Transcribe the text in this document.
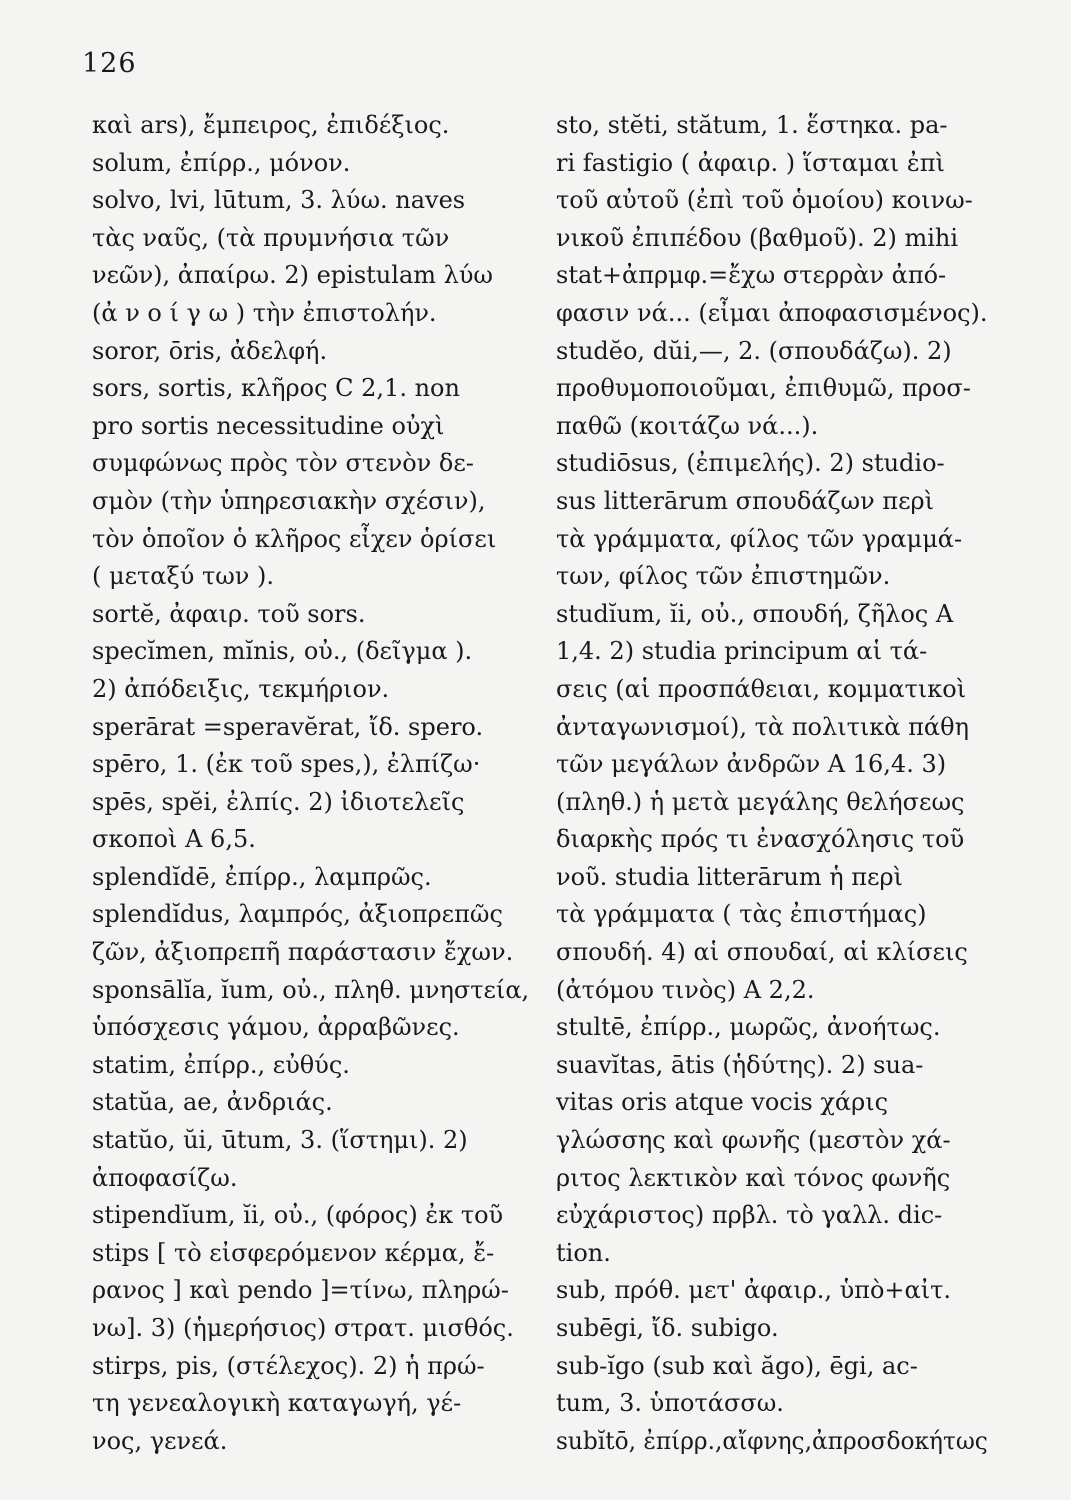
126
καὶ ars), ἔμπειρος, ἐπιδέξιος.
solum, ἐπίρρ., μόνον.
solvo, lvi, lūtum, 3. λύω. naves
τὰς ναῦς, (τὰ πρυμνήσια τῶν
νεῶν), ἀπαίρω. 2) epistulam λύω
(ἀ ν ο ί γ ω ) τὴν ἐπιστολήν.
soror, ōris, ἀδελφή.
sors, sortis, κλῆρος C 2,1. non
pro sortis necessitudine οὐχὶ
συμφώνως πρὸς τὸν στενὸν δε-
σμὸν (τὴν ὑπηρεσιακὴν σχέσιν),
τὸν ὁποῖον ὁ κλῆρος εἶχεν ὁρίσει
( μεταξύ των ).
sortĕ, ἀφαιρ. τοῦ sors.
specĭmen, mĭnis, οὐ., (δεῖγμα ).
2) ἀπόδειξις, τεκμήριον.
sperārat =speravĕrat, ἴδ. spero.
spēro, 1. (ἐκ τοῦ spes,), ἐλπίζω·
spēs, spĕi, ἐλπίς. 2) ἰδιοτελεῖς
σκοποὶ A 6,5.
splendĭdē, ἐπίρρ., λαμπρῶς.
splendĭdus, λαμπρός, ἀξιοπρεπῶς
ζῶν, ἀξιοπρεπῆ παράστασιν ἔχων.
sponsālĭa, ĭum, οὐ., πληθ. μνηστεία,
ὑπόσχεσις γάμου, ἀρραβῶνες.
statim, ἐπίρρ., εὐθύς.
statŭa, ae, ἀνδριάς.
statŭo, ŭi, ūtum, 3. (ἵστημι). 2)
ἀποφασίζω.
stipendĭum, ĭi, οὐ., (φόρος) ἐκ τοῦ
stips [ τὸ εἰσφερόμενον κέρμα, ἔ-
ρανος ] καὶ pendo ]=τίνω, πληρώ-
νω]. 3) (ἡμερήσιος) στρατ. μισθός.
stirps, pis, (στέλεχος). 2) ἡ πρώ-
τη γενεαλογικὴ καταγωγή, γέ-
νος, γενεά.
sto, stĕti, stătum, 1. ἕστηκα. pa-
ri fastigio ( ἀφαιρ. ) ἵσταμαι ἐπὶ
τοῦ αὐτοῦ (ἐπὶ τοῦ ὁμοίου) κοινω-
νικοῦ ἐπιπέδου (βαθμοῦ). 2) mihi
stat+ἀπρμφ.=ἔχω στερρὰν ἀπό-
φασιν νά... (εἶμαι ἀποφασισμένος).
studĕo, dŭi,—, 2. (σπουδάζω). 2)
προθυμοποιοῦμαι, ἐπιθυμῶ, προσ-
παθῶ (κοιτάζω νά...).
studiōsus, (ἐπιμελής). 2) studio-
sus litterārum σπουδάζων περὶ
τὰ γράμματα, φίλος τῶν γραμμά-
των, φίλος τῶν ἐπιστημῶν.
studĭum, ĭi, οὐ., σπουδή, ζῆλος A
1,4. 2) studia principum αἱ τά-
σεις (αἱ προσπάθειαι, κομματικοὶ
ἀνταγωνισμοί), τὰ πολιτικὰ πάθη
τῶν μεγάλων ἀνδρῶν A 16,4. 3)
(πληθ.) ἡ μετὰ μεγάλης θελήσεως
διαρκὴς πρός τι ἐνασχόλησις τοῦ
νοῦ. studia litterārum ἡ περὶ
τὰ γράμματα ( τὰς ἐπιστήμας)
σπουδή. 4) αἱ σπουδαί, αἱ κλίσεις
(ἀτόμου τινὸς) A 2,2.
stultē, ἐπίρρ., μωρῶς, ἀνοήτως.
suavĭtas, ātis (ἡδύτης). 2) sua-
vitas oris atque vocis χάρις
γλώσσης καὶ φωνῆς (μεστὸν χά-
ριτος λεκτικὸν καὶ τόνος φωνῆς
εὐχάριστος) πρβλ. τὸ γαλλ. dic-
tion.
sub, πρόθ. μετ' ἀφαιρ., ὑπὸ+αἰτ.
subēgi, ἴδ. subigo.
sub-ĭgo (sub καὶ ăgo), ēgi, ac-
tum, 3. ὑποτάσσω.
subĭtō, ἐπίρρ.,αἴφνης,ἀπροσδοκήτως
